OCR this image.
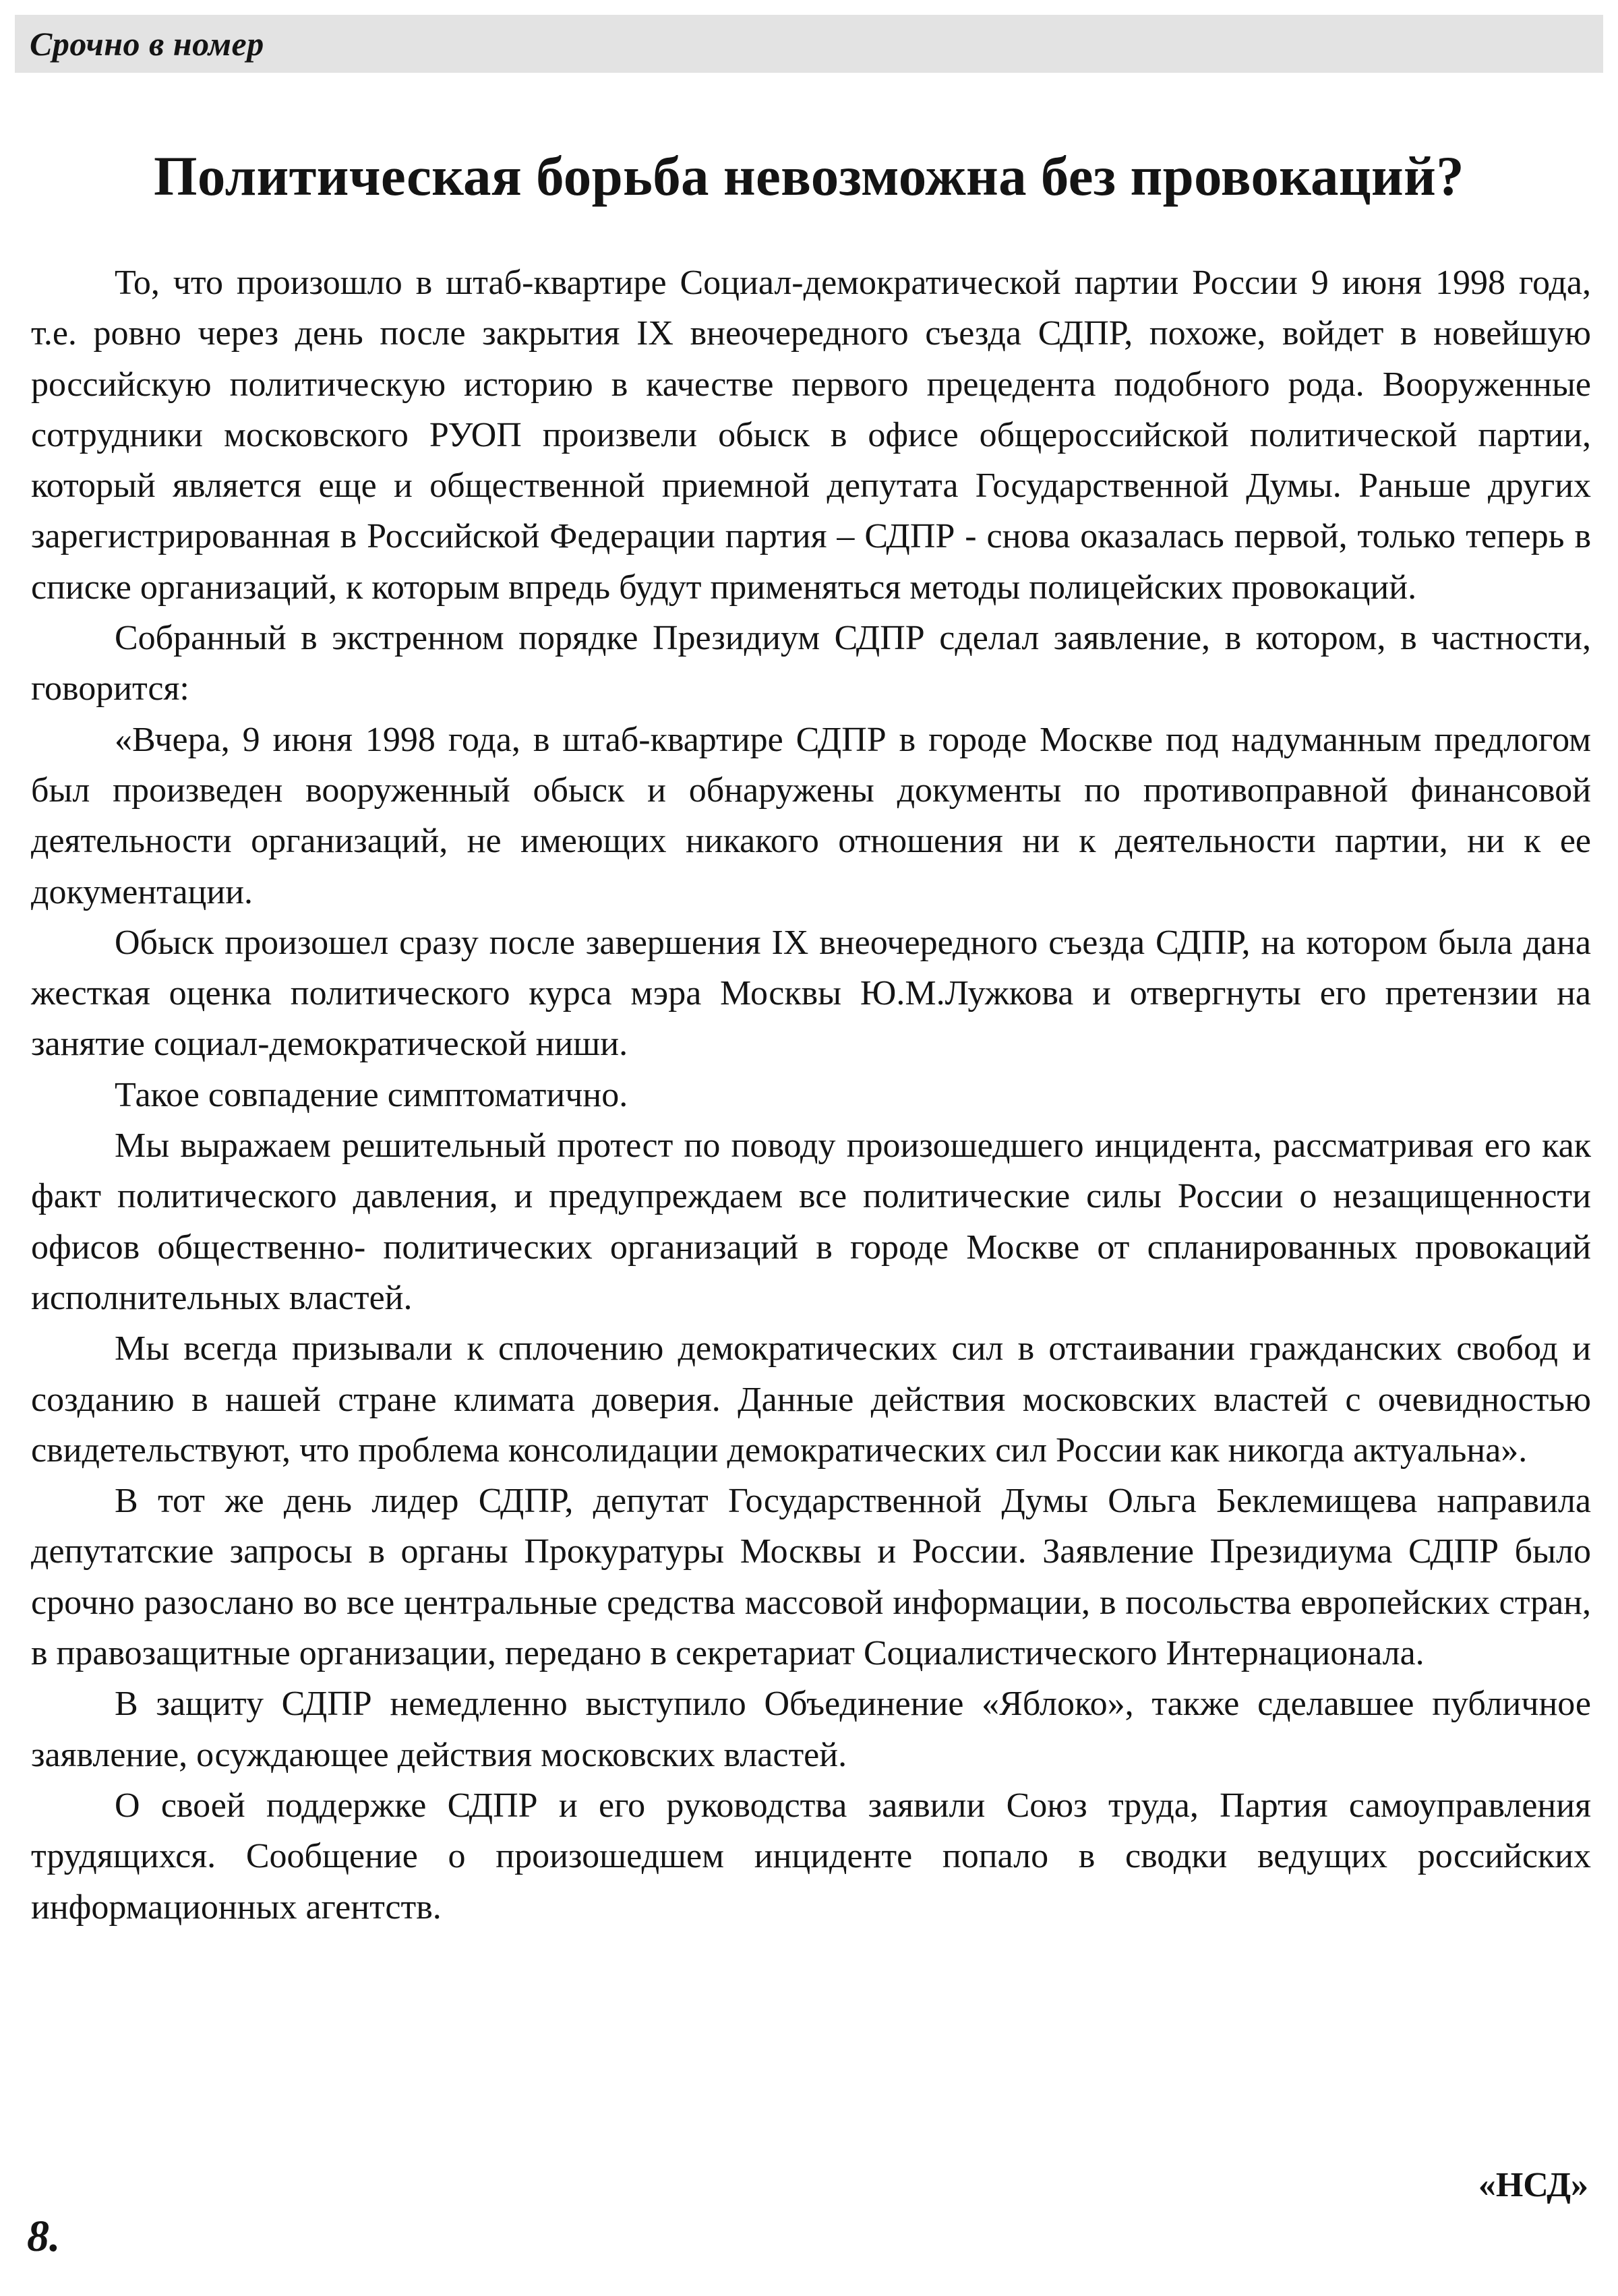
Срочно в номер
Политическая борьба невозможна без провокаций?

То, что произошло в штаб-квартире Социал-демократической партии России 9 июня 1998 года, т.е. ровно через день после закрытия IX внеочередного съезда СДПР, похоже, войдет в новейшую российскую политическую историю в качестве первого прецедента подобного рода. Вооруженные сотрудники московского РУОП произвели обыск в офисе общероссийской политической партии, который является еще и общественной приемной депутата Государственной Думы. Раньше других зарегистрированная в Российской Федерации партия – СДПР - снова оказалась первой, только теперь в списке организаций, к которым впредь будут применяться методы полицейских провокаций.

Собранный в экстренном порядке Президиум СДПР сделал заявление, в котором, в частности, говорится:

«Вчера, 9 июня 1998 года, в штаб-квартире СДПР в городе Москве под надуманным предлогом был произведен вооруженный обыск и обнаружены документы по противоправной финансовой деятельности организаций, не имеющих никакого отношения ни к деятельности партии, ни к ее документации.

Обыск произошел сразу после завершения IX внеочередного съезда СДПР, на котором была дана жесткая оценка политического курса мэра Москвы Ю.М.Лужкова и отвергнуты его претензии на занятие социал-демократической ниши.

Такое совпадение симптоматично.

Мы выражаем решительный протест по поводу произошедшего инцидента, рассматривая его как факт политического давления, и предупреждаем все политические силы России о незащищенности офисов общественно- политических организаций в городе Москве от спланированных провокаций исполнительных властей.

Мы всегда призывали к сплочению демократических сил в отстаивании гражданских свобод и созданию в нашей стране климата доверия. Данные действия московских властей с очевидностью свидетельствуют, что проблема консолидации демократических сил России как никогда актуальна».

В тот же день лидер СДПР, депутат Государственной Думы Ольга Беклемищева направила депутатские запросы в органы Прокуратуры Москвы и России. Заявление Президиума СДПР было срочно разослано во все центральные средства массовой информации, в посольства европейских стран, в правозащитные организации, передано в секретариат Социалистического Интернационала.

В защиту СДПР немедленно выступило Объединение «Яблоко», также сделавшее публичное заявление, осуждающее действия московских властей.

О своей поддержке СДПР и его руководства заявили Союз труда, Партия самоуправления трудящихся. Сообщение о произошедшем инциденте попало в сводки ведущих российских информационных агентств.

«НСД»
8.
